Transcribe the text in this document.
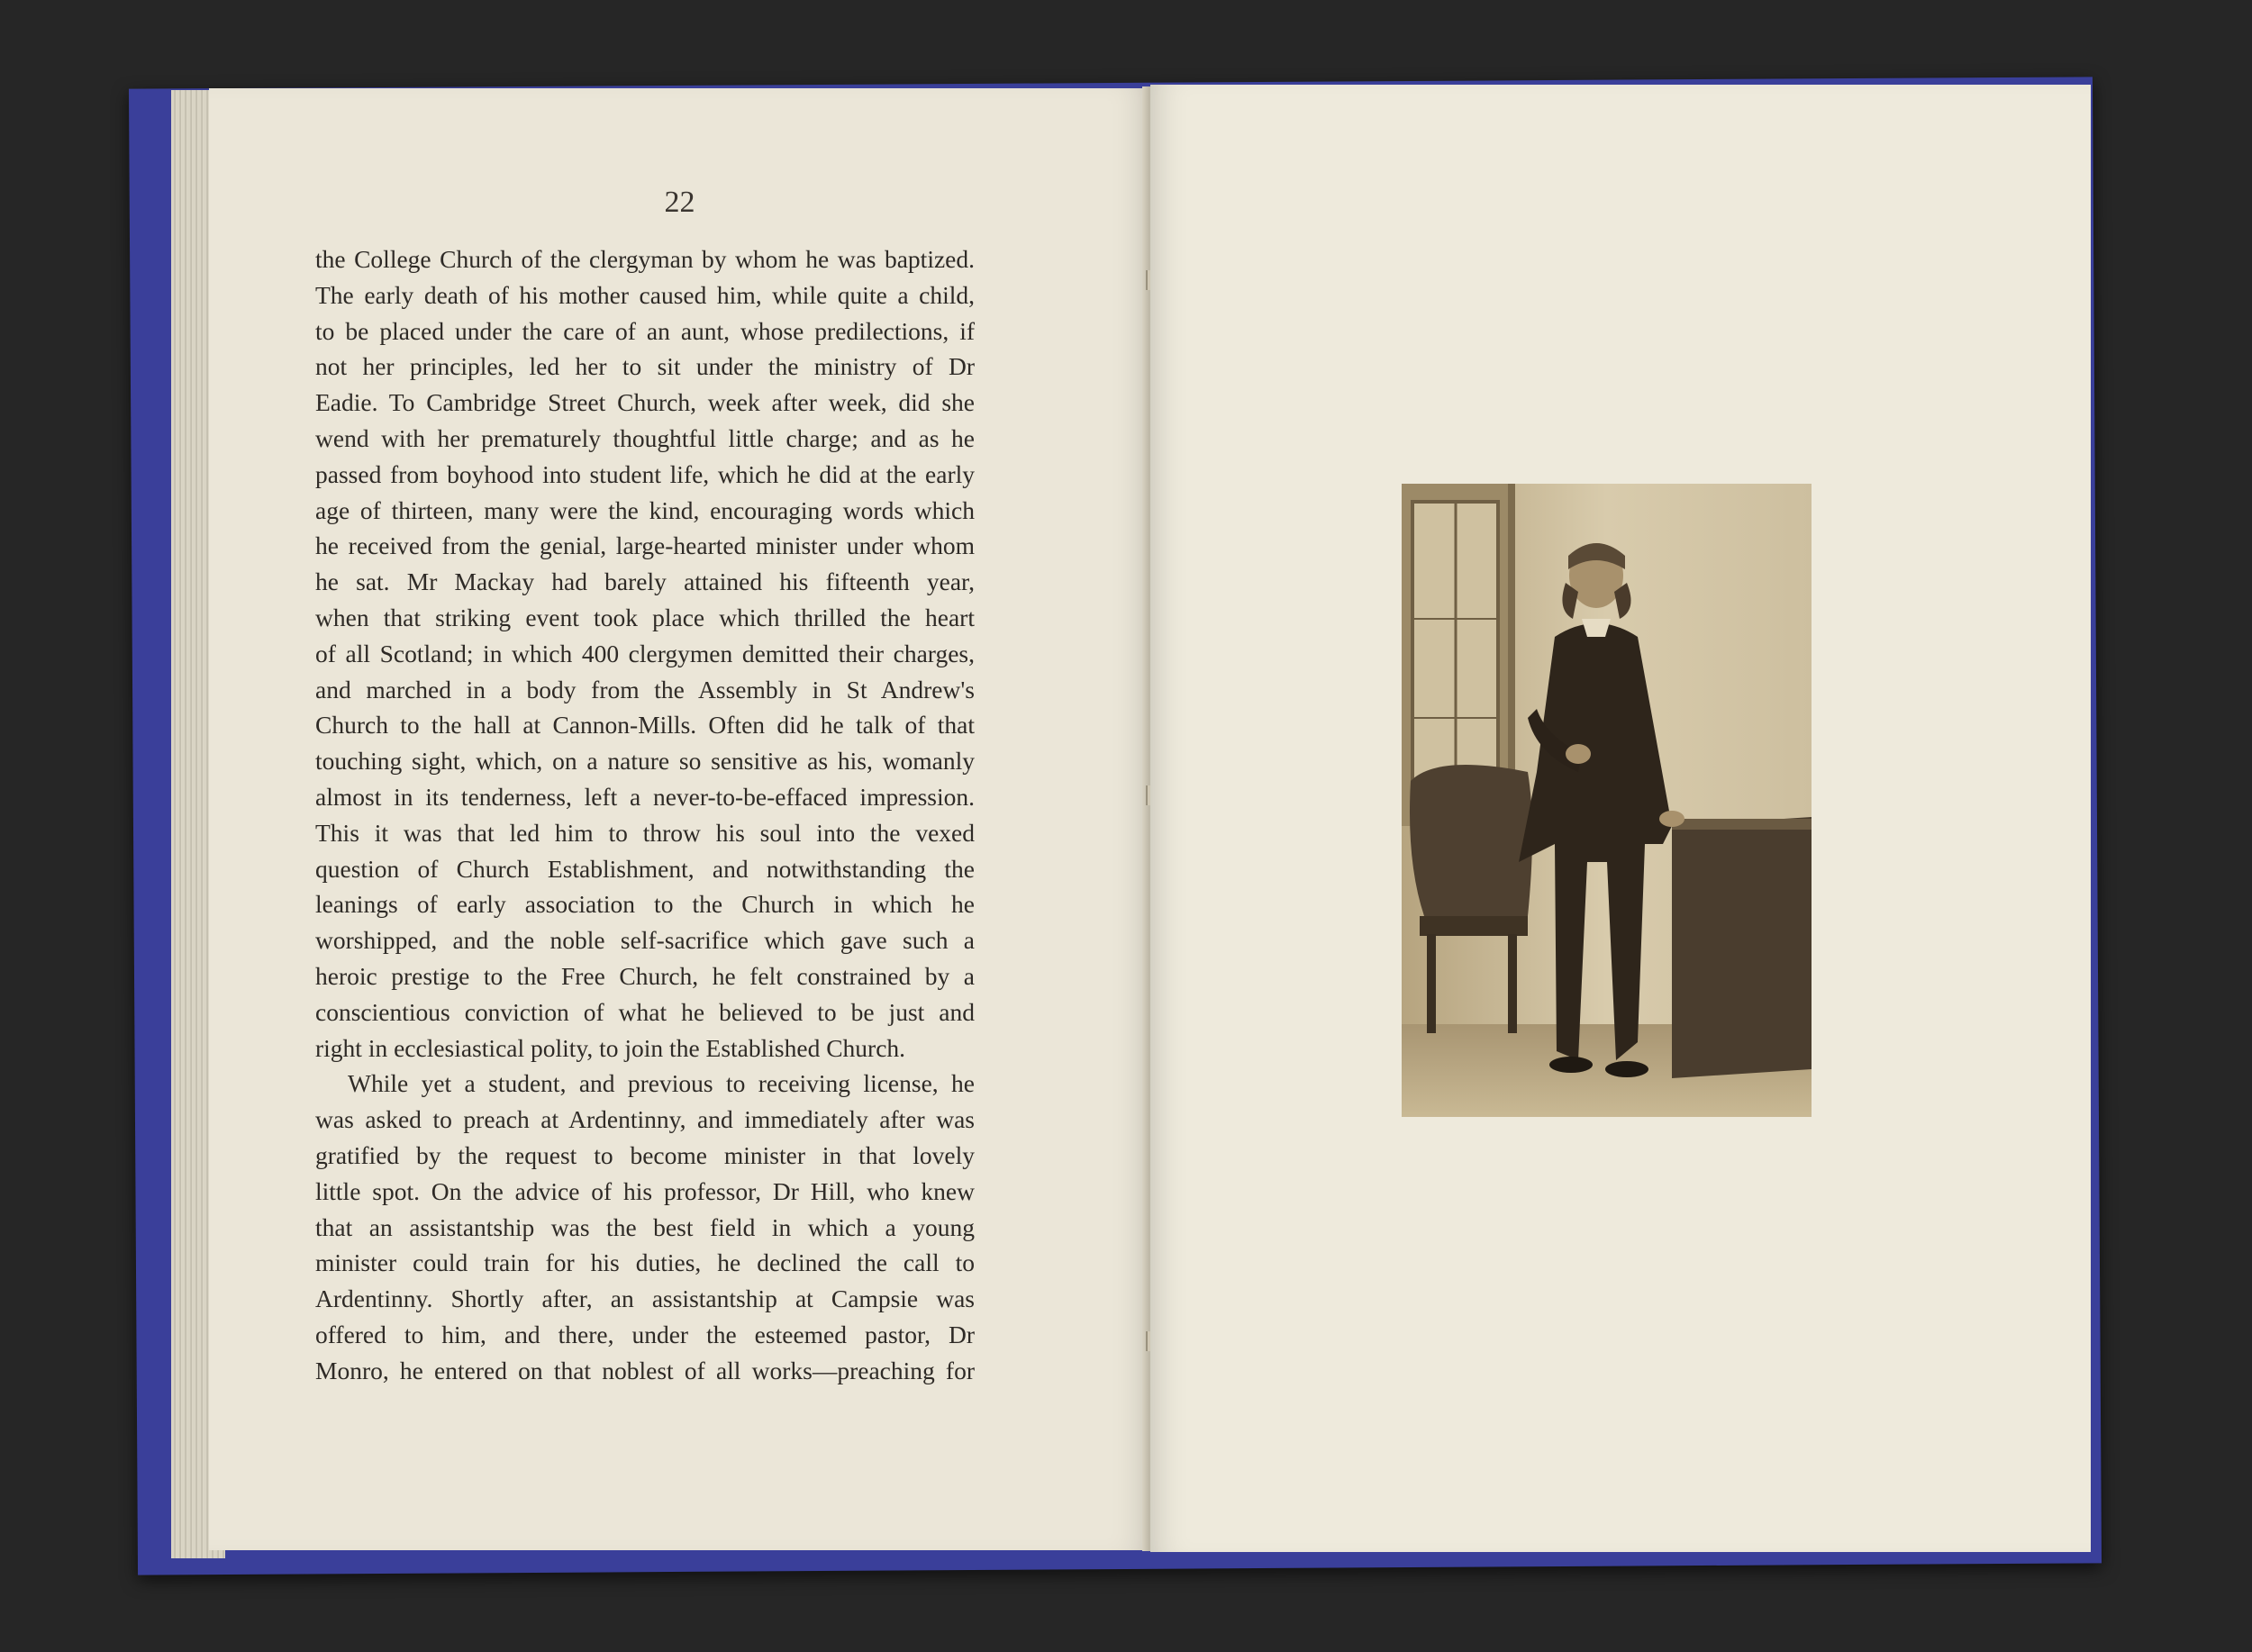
22
the College Church of the clergyman by whom he was baptized.
The early death of his mother caused him, while quite a child,
to be placed under the care of an aunt, whose predilections, if
not her principles, led her to sit under the ministry of Dr
Eadie. To Cambridge Street Church, week after week, did she
wend with her prematurely thoughtful little charge; and as he
passed from boyhood into student life, which he did at the early
age of thirteen, many were the kind, encouraging words which
he received from the genial, large-hearted minister under whom
he sat. Mr Mackay had barely attained his fifteenth year,
when that striking event took place which thrilled the heart
of all Scotland; in which 400 clergymen demitted their charges,
and marched in a body from the Assembly in St Andrew's
Church to the hall at Cannon-Mills. Often did he talk of that
touching sight, which, on a nature so sensitive as his, womanly
almost in its tenderness, left a never-to-be-effaced impression.
This it was that led him to throw his soul into the vexed
question of Church Establishment, and notwithstanding the
leanings of early association to the Church in which he
worshipped, and the noble self-sacrifice which gave such a
heroic prestige to the Free Church, he felt constrained by a
conscientious conviction of what he believed to be just and
right in ecclesiastical polity, to join the Established Church.
While yet a student, and previous to receiving license, he
was asked to preach at Ardentinny, and immediately after was
gratified by the request to become minister in that lovely
little spot. On the advice of his professor, Dr Hill, who knew
that an assistantship was the best field in which a young
minister could train for his duties, he declined the call to
Ardentinny. Shortly after, an assistantship at Campsie was
offered to him, and there, under the esteemed pastor, Dr
Monro, he entered on that noblest of all works—preaching for
